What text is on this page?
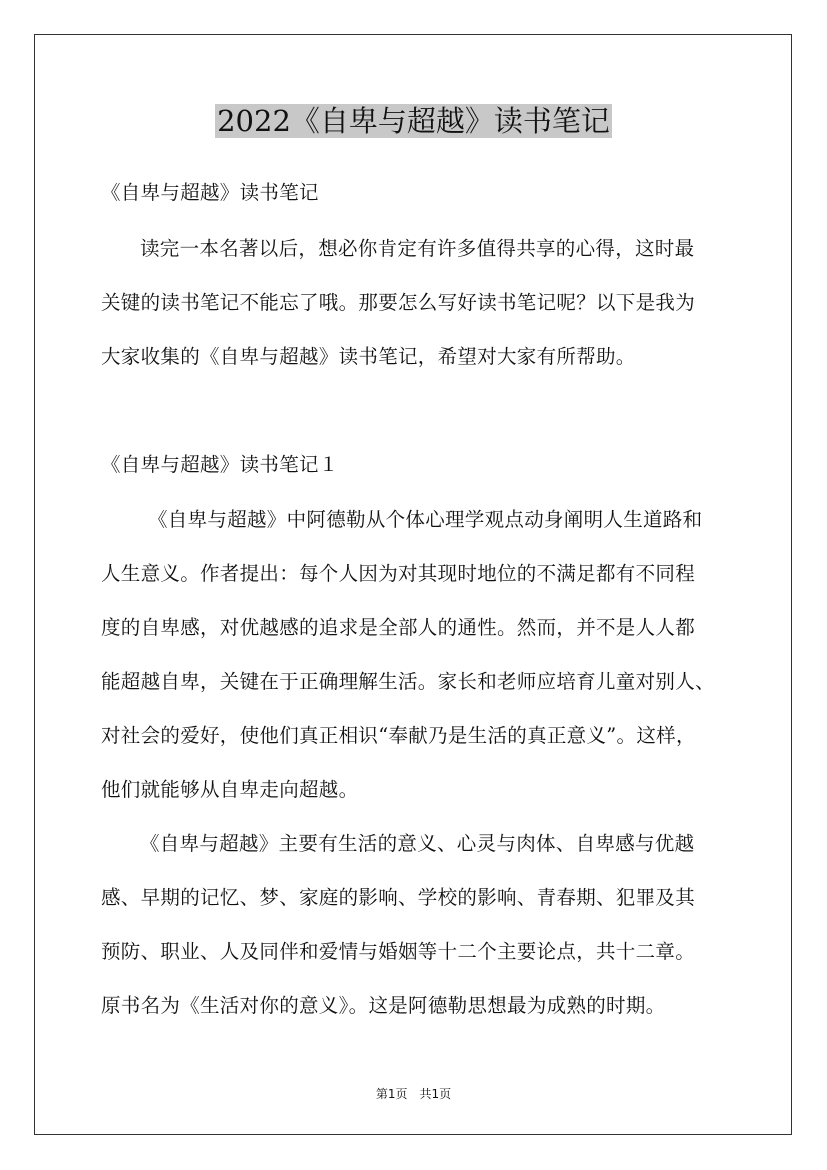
2022《自卑与超越》读书笔记
《自卑与超越》读书笔记
读完一本名著以后，想必你肯定有许多值得共享的心得，这时最
关键的读书笔记不能忘了哦。那要怎么写好读书笔记呢？以下是我为
大家收集的《自卑与超越》读书笔记，希望对大家有所帮助。
《自卑与超越》读书笔记１
《自卑与超越》中阿德勒从个体心理学观点动身阐明人生道路和
人生意义。作者提出：每个人因为对其现时地位的不满足都有不同程
度的自卑感，对优越感的追求是全部人的通性。然而，并不是人人都
能超越自卑，关键在于正确理解生活。家长和老师应培育儿童对别人、
对社会的爱好，使他们真正相识“奉献乃是生活的真正意义”。这样，
他们就能够从自卑走向超越。
《自卑与超越》主要有生活的意义、心灵与肉体、自卑感与优越
感、早期的记忆、梦、家庭的影响、学校的影响、青春期、犯罪及其
预防、职业、人及同伴和爱情与婚姻等十二个主要论点，共十二章。
原书名为《生活对你的意义》。这是阿德勒思想最为成熟的时期。
第1页　共1页
